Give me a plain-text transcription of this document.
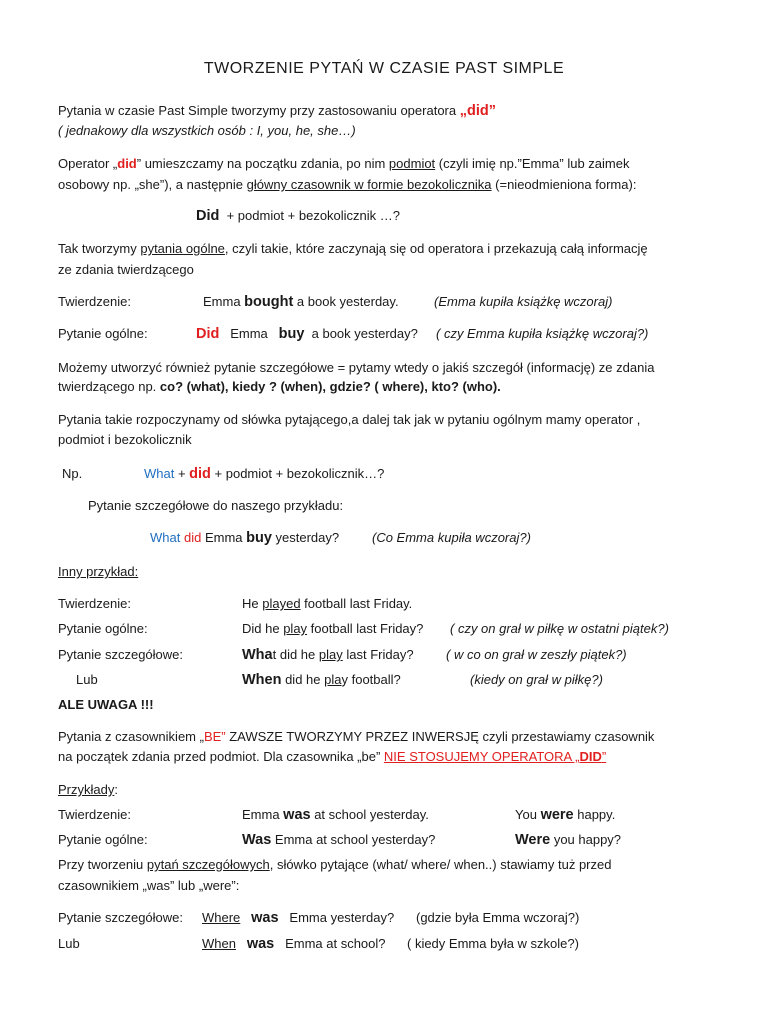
TWORZENIE PYTAŃ W CZASIE PAST SIMPLE
Pytania w czasie Past Simple tworzymy przy zastosowaniu operatora „did”
( jednakowy dla wszystkich osób : I, you, he, she…)
Operator „did” umieszczamy na początku zdania, po nim podmiot (czyli imię np.”Emma” lub zaimek
osobowy np. „she”), a następnie główny czasownik w formie bezokolicznika (=nieodmieniona forma):
Did + podmiot + bezokolicznik …?
Tak tworzymy pytania ogólne, czyli takie, które zaczynają się od operatora i przekazują całą informację
ze zdania twierdzącego
Twierdzenie:	Emma bought a book yesterday.	(Emma kupiła książkę wczoraj)
Pytanie ogólne:	Did Emma buy a book yesterday? ( czy Emma kupiła książkę wczoraj?)
Możemy utworzyć również pytanie szczegółowe = pytamy wtedy o jakiś szczegół (informację) ze zdania
twierdzącego np. co? (what), kiedy ? (when), gdzie? ( where), kto? (who).
Pytania takie rozpoczynamy od słówka pytającego,a dalej tak jak w pytaniu ogólnym mamy operator ,
podmiot i bezokolicznik
Np.	What + did + podmiot + bezokolicznik…?
Pytanie szczegółowe do naszego przykładu:
What did Emma buy yesterday?	(Co Emma kupiła wczoraj?)
Inny przykład:
Twierdzenie:	He played football last Friday.
Pytanie ogólne:	Did he play football last Friday? ( czy on grał w piłkę w ostatni piątek?)
Pytanie szczegółowe:	What did he play last Friday? ( w co on grał w zeszły piątek?)
Lub	When did he play football?	(kiedy on grał w piłkę?)
ALE UWAGA !!!
Pytania z czasownikiem „BE” ZAWSZE TWORZYMY PRZEZ INWERSJĘ czyli przestawiamy czasownik
na początek zdania przed podmiot. Dla czasownika „be” NIE STOSUJEMY OPERATORA „DID”
Przykłady:
Twierdzenie:	Emma was at school yesterday.	You were happy.
Pytanie ogólne:	Was Emma at school yesterday?	Were you happy?
Przy tworzeniu pytań szczegółowych, słówko pytające (what/ where/ when..) stawiamy tuż przed
czasownikiem „was” lub „were”:
Pytanie szczegółowe: Where was Emma yesterday? (gdzie była Emma wczoraj?)
Lub	When was Emma at school? ( kiedy Emma była w szkole?)
